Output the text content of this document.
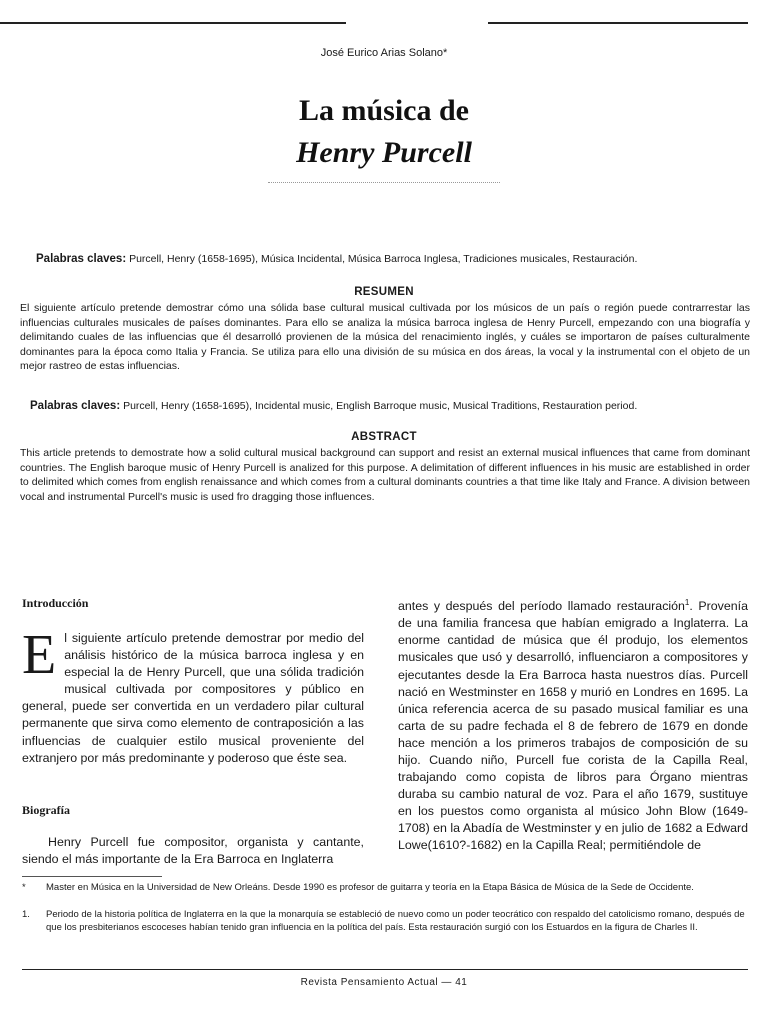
José Eurico Arias Solano*
La música de
Henry Purcell
Palabras claves: Purcell, Henry (1658-1695), Música Incidental, Música Barroca Inglesa, Tradiciones musicales, Restauración.
RESUMEN
El siguiente artículo pretende demostrar cómo una sólida base cultural musical cultivada por los músicos de un país o región puede contrarrestar las influencias culturales musicales de países dominantes. Para ello se analiza la música barroca inglesa de Henry Purcell, empezando con una biografía y delimitando cuales de las influencias que él desarrolló provienen de la música del renacimiento inglés, y cuáles se importaron de países culturalmente dominantes para la época como Italia y Francia. Se utiliza para ello una división de su música en dos áreas, la vocal y la instrumental con el objeto de un mejor rastreo de estas influencias.
Palabras claves: Purcell, Henry (1658-1695), Incidental music, English Barroque music, Musical Traditions, Restauration period.
ABSTRACT
This article pretends to demostrate how a solid cultural musical background can support and resist an external musical influences that came from dominant countries. The English baroque music of Henry Purcell is analized for this purpose. A delimitation of different influences in his music are established in order to delimited which comes from english renaissance and which comes from a cultural dominants countries a that time like Italy and France. A division between vocal and instrumental Purcell's music is used fro dragging those influences.
Introducción
E l siguiente artículo pretende demostrar por medio del análisis histórico de la música barroca inglesa y en especial la de Henry Purcell, que una sólida tradición musical cultivada por compositores y público en general, puede ser convertida en un verdadero pilar cultural permanente que sirva como elemento de contraposición a las influencias de cualquier estilo musical proveniente del extranjero por más predominante y poderoso que éste sea.
Biografía
Henry Purcell fue compositor, organista y cantante, siendo el más importante de la Era Barroca en Inglaterra
antes y después del período llamado restauración$^1$. Provenía de una familia francesa que habían emigrado a Inglaterra. La enorme cantidad de música que él produjo, los elementos musicales que usó y desarrolló, influenciaron a compositores y ejecutantes desde la Era Barroca hasta nuestros días. Purcell nació en Westminster en 1658 y murió en Londres en 1695. La única referencia acerca de su pasado musical familiar es una carta de su padre fechada el 8 de febrero de 1679 en donde hace mención a los primeros trabajos de composición de su hijo. Cuando niño, Purcell fue corista de la Capilla Real, trabajando como copista de libros para Órgano mientras duraba su cambio natural de voz. Para el año 1679, sustituye en los puestos como organista al músico John Blow (1649-1708) en la Abadía de Westminster y en julio de 1682 a Edward Lowe(1610?-1682) en la Capilla Real; permitiéndole de
* Master en Música en la Universidad de New Orleáns. Desde 1990 es profesor de guitarra y teoría en la Etapa Básica de Música de la Sede de Occidente.
1. Periodo de la historia política de Inglaterra en la que la monarquía se estableció de nuevo como un poder teocrático con respaldo del catolicismo romano, después de que los presbiterianos escoceses habían tenido gran influencia en la política del país. Esta restauración surgió con los Estuardos en la figura de Charles II.
Revista Pensamiento Actual — 41
